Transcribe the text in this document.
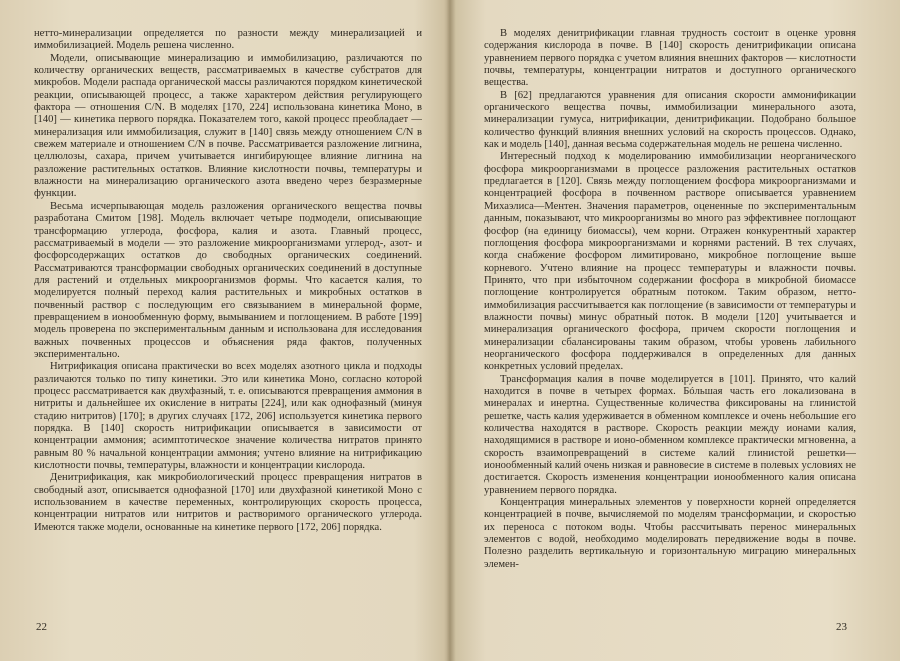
нетто-минерализации определяется по разности между минерализацией и иммобилизацией. Модель решена численно.

Модели, описывающие минерализацию и иммобилизацию, различаются по количеству органических веществ, рассматриваемых в качестве субстратов для микробов. Модели распада органической массы различаются порядком кинетической реакции, описывающей процесс, а также характером действия регулирующего фактора — отношения C/N. В моделях [170, 224] использована кинетика Моно, в [140] — кинетика первого порядка. Показателем того, какой процесс преобладает — минерализация или иммобилизация, служит в [140] связь между отношением C/N в свежем материале и отношением C/N в почве. Рассматривается разложение лигнина, целлюлозы, сахара, причем учитывается ингибирующее влияние лигнина на разложение растительных остатков. Влияние кислотности почвы, температуры и влажности на минерализацию органического азота введено через безразмерные функции.

Весьма исчерпывающая модель разложения органического вещества почвы разработана Смитом [198]. Модель включает четыре подмодели, описывающие трансформацию углерода, фосфора, калия и азота. Главный процесс, рассматриваемый в модели — это разложение микроорганизмами углерод-, азот- и фосфорсодержащих остатков до свободных органических соединений. Рассматриваются трансформации свободных органических соединений в доступные для растений и отдельных микроорганизмов формы. Что касается калия, то моделируется полный переход калия растительных и микробных остатков в почвенный раствор с последующим его связыванием в минеральной форме, превращением в ионообменную форму, вымыванием и поглощением. В работе [199] модель проверена по экспериментальным данным и использована для исследования важных почвенных процессов и объяснения ряда фактов, полученных экспериментально.

Нитрификация описана практически во всех моделях азотного цикла и подходы различаются только по типу кинетики. Это или кинетика Моно, согласно которой процесс рассматривается как двухфазный, т. е. описываются превращения аммония в нитриты и дальнейшее их окисление в нитраты [224], или как однофазный (минуя стадию нитритов) [170]; в других случаях [172, 206] используется кинетика первого порядка. В [140] скорость нитрификации описывается в зависимости от концентрации аммония; асимптотическое значение количества нитратов принято равным 80 % начальной концентрации аммония; учтено влияние на нитрификацию кислотности почвы, температуры, влажности и концентрации кислорода.

Денитрификация, как микробиологический процесс превращения нитратов в свободный азот, описывается однофазной [170] или двухфазной кинетикой Моно с использованием в качестве переменных, контролирующих скорость процесса, концентрации нитратов или нитритов и растворимого органического углерода. Имеются также модели, основанные на кинетике первого [172, 206] порядка.

22

В моделях денитрификации главная трудность состоит в оценке уровня содержания кислорода в почве. В [140] скорость денитрификации описана уравнением первого порядка с учетом влияния внешних факторов — кислотности почвы, температуры, концентрации нитратов и доступного органического вещества.

В [62] предлагаются уравнения для описания скорости аммонификации органического вещества почвы, иммобилизации минерального азота, минерализации гумуса, нитрификации, денитрификации. Подобрано большое количество функций влияния внешних условий на скорость процессов. Однако, как и модель [140], данная весьма содержательная модель не решена численно.

Интересный подход к моделированию иммобилизации неорганического фосфора микроорганизмами в процессе разложения растительных остатков предлагается в [120]. Связь между поглощением фосфора микроорганизмами и концентрацией фосфора в почвенном растворе описывается уравнением Михаэлиса—Ментен. Значения параметров, оцененные по экспериментальным данным, показывают, что микроорганизмы во много раз эффективнее поглощают фосфор (на единицу биомассы), чем корни. Отражен конкурентный характер поглощения фосфора микроорганизмами и корнями растений. В тех случаях, когда снабжение фосфором лимитировано, микробное поглощение выше корневого. Учтено влияние на процесс температуры и влажности почвы. Принято, что при избыточном содержании фосфора в микробной биомассе поглощение контролируется обратным потоком. Таким образом, нетто-иммобилизация рассчитывается как поглощение (в зависимости от температуры и влажности почвы) минус обратный поток. В модели [120] учитывается и минерализация органического фосфора, причем скорости поглощения и минерализации сбалансированы таким образом, чтобы уровень лабильного неорганического фосфора поддерживался в определенных для данных конкретных условий пределах.

Трансформация калия в почве моделируется в [101]. Принято, что калий находится в почве в четырех формах. Бóльшая часть его локализована в минералах и инертна. Существенные количества фиксированы на глинистой решетке, часть калия удерживается в обменном комплексе и очень небольшие его количества находятся в растворе. Скорость реакции между ионами калия, находящимися в растворе и ионо-обменном комплексе практически мгновенна, а скорость взаимопревращений в системе калий глинистой решетки—ионообменный калий очень низкая и равновесие в системе в полевых условиях не достигается. Скорость изменения концентрации ионообменного калия описана уравнением первого порядка.

Концентрация минеральных элементов у поверхности корней определяется концентрацией в почве, вычисляемой по моделям трансформации, и скоростью их переноса с потоком воды. Чтобы рассчитывать перенос минеральных элементов с водой, необходимо моделировать передвижение воды в почве. Полезно разделить вертикальную и горизонтальную миграцию минеральных элемен-

23
